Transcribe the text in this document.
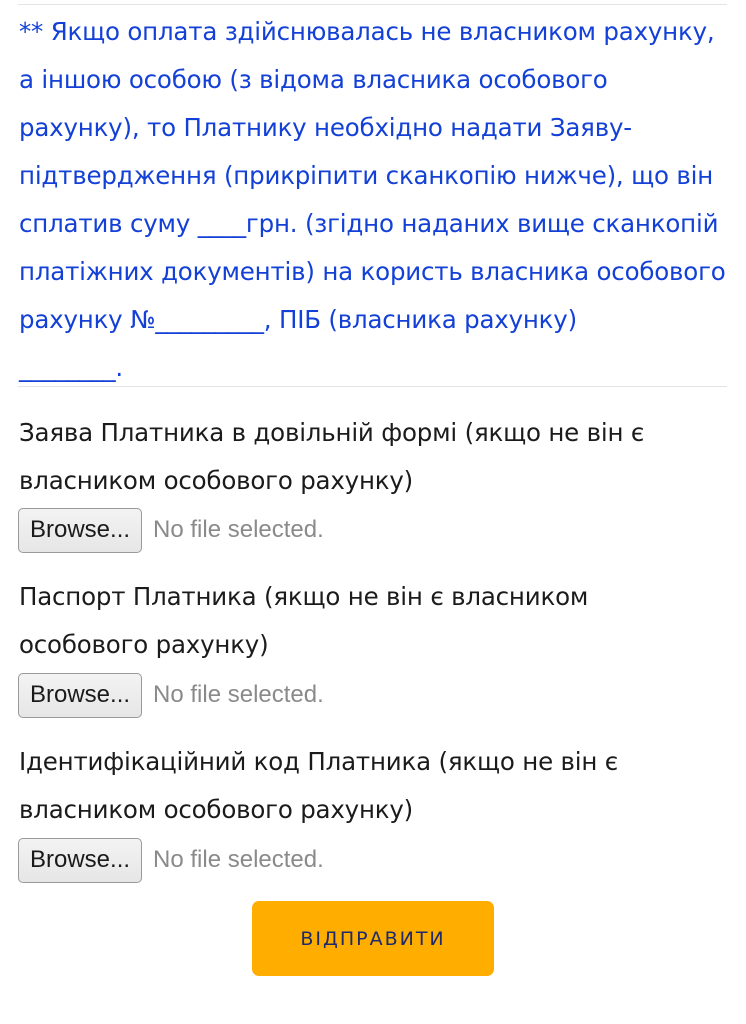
** Якщо оплата здійснювалась не власником рахунку,

а іншою особою (з відома власника особового

рахунку), то Платнику необхідно надати Заяву-

підтвердження (прикріпити сканкопію нижче), що він

сплатив суму ____грн. (згідно наданих вище сканкопій

платіжних документів) на користь власника особового

рахунку №_________, ПІБ (власника рахунку)

________.

Заява Платника в довільній формі (якщо не він є

власником особового рахунку)

Browse... No file selected.

Паспорт Платника (якщо не він є власником

особового рахунку)

Browse... No file selected.

Ідентифікаційний код Платника (якщо не він є

власником особового рахунку)

Browse... No file selected.
ВІДПРАВИТИ
